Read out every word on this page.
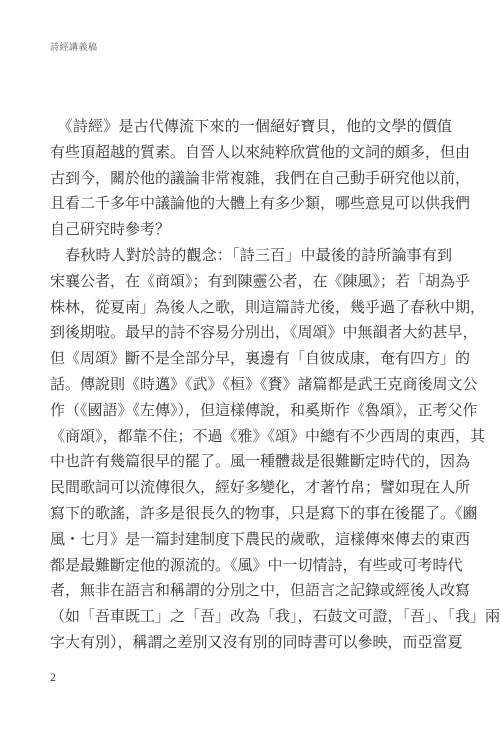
詩經講義稿
　《詩經》是古代傳流下來的一個絕好寶貝，他的文學的價值
有些頂超越的質素。自晉人以來純粹欣賞他的文詞的頗多，但由
古到今，關於他的議論非常複雜，我們在自己動手研究他以前，
且看二千多年中議論他的大體上有多少類，哪些意見可以供我們
自己研究時參考？
　春秋時人對於詩的觀念：「詩三百」中最後的詩所論事有到
宋襄公者，在《商頌》；有到陳靈公者，在《陳風》；若「胡為乎
株林，從夏南」為後人之歌，則這篇詩尤後，幾乎過了春秋中期，
到後期啦。最早的詩不容易分別出，《周頌》中無韻者大約甚早，
但《周頌》斷不是全部分早，裏邊有「自彼成康，奄有四方」的
話。傳說則《時邁》《武》《桓》《賚》諸篇都是武王克商後周文公
作（《國語》《左傳》），但這樣傳說，和奚斯作《魯頌》，正考父作
《商頌》，都靠不住；不過《雅》《頌》中總有不少西周的東西，其
中也許有幾篇很早的罷了。風一種體裁是很難斷定時代的，因為
民間歌詞可以流傳很久，經好多變化，才著竹帛；譬如現在人所
寫下的歌謠，許多是很長久的物事，只是寫下的事在後罷了。《豳
風・七月》是一篇封建制度下農民的歲歌，這樣傳來傳去的東西
都是最難斷定他的源流的。《風》中一切情詩，有些或可考時代
者，無非在語言和稱謂的分別之中，但語言之記錄或經後人改寫
（如「吾車既工」之「吾」改為「我」，石鼓文可證，「吾」、「我」兩
字大有別），稱謂之差別又沒有別的同時書可以參映，而亞當夏
2
